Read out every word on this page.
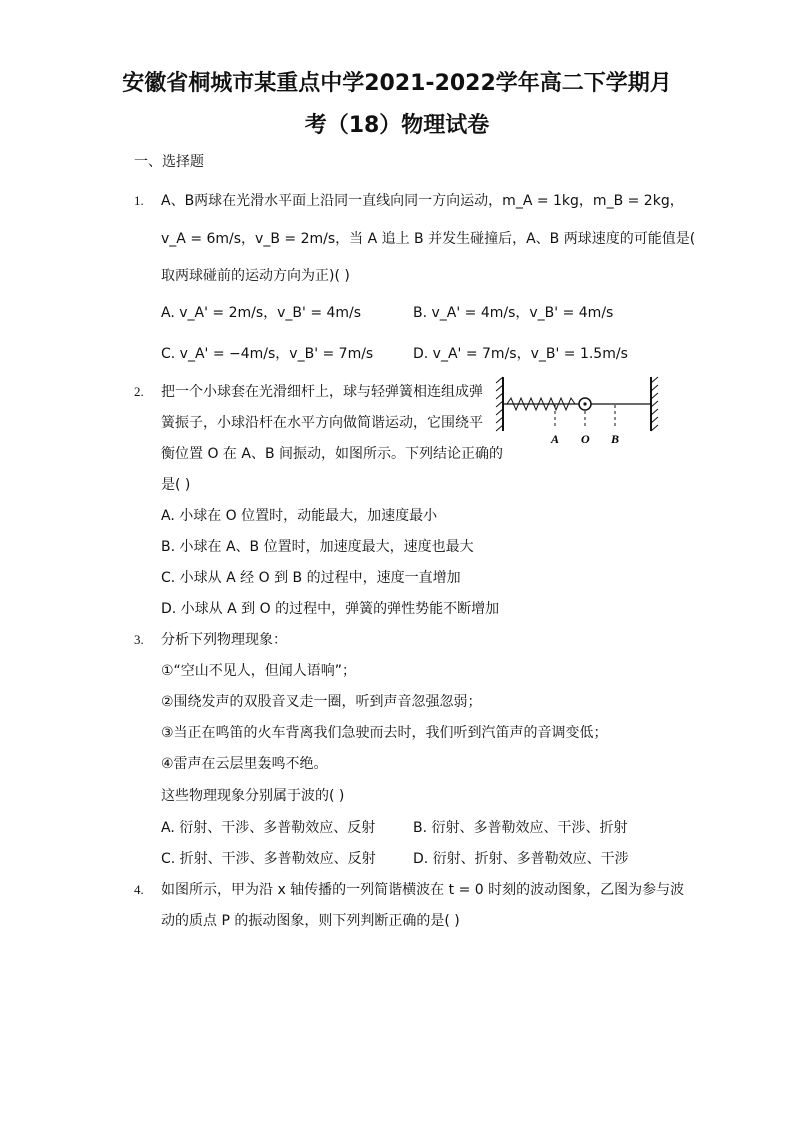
安徽省桐城市某重点中学2021-2022学年高二下学期月
考（18）物理试卷
一、选择题
1. A、B两球在光滑水平面上沿同一直线向同一方向运动，m_A = 1kg，m_B = 2kg，
v_A = 6m/s，v_B = 2m/s，当 A 追上 B 并发生碰撞后，A、B 两球速度的可能值是(
取两球碰前的运动方向为正)( )
A. v_A' = 2m/s，v_B' = 4m/s	B. v_A' = 4m/s，v_B' = 4m/s
C. v_A' = −4m/s，v_B' = 7m/s	D. v_A' = 7m/s，v_B' = 1.5m/s
2. 把一个小球套在光滑细杆上，球与轻弹簧相连组成弹
簧振子，小球沿杆在水平方向做简谐运动，它围绕平
衡位置 O 在 A、B 间振动，如图所示。下列结论正确的
是( )
A O B
A. 小球在 O 位置时，动能最大，加速度最小
B. 小球在 A、B 位置时，加速度最大，速度也最大
C. 小球从 A 经 O 到 B 的过程中，速度一直增加
D. 小球从 A 到 O 的过程中，弹簧的弹性势能不断增加
3. 分析下列物理现象：
①“空山不见人，但闻人语响”；
②围绕发声的双股音叉走一圈，听到声音忽强忽弱；
③当正在鸣笛的火车背离我们急驶而去时，我们听到汽笛声的音调变低；
④雷声在云层里轰鸣不绝。
这些物理现象分别属于波的( )
A. 衍射、干涉、多普勒效应、反射	B. 衍射、多普勒效应、干涉、折射
C. 折射、干涉、多普勒效应、反射	D. 衍射、折射、多普勒效应、干涉
4. 如图所示，甲为沿 x 轴传播的一列简谐横波在 t = 0 时刻的波动图象，乙图为参与波
动的质点 P 的振动图象，则下列判断正确的是( )
